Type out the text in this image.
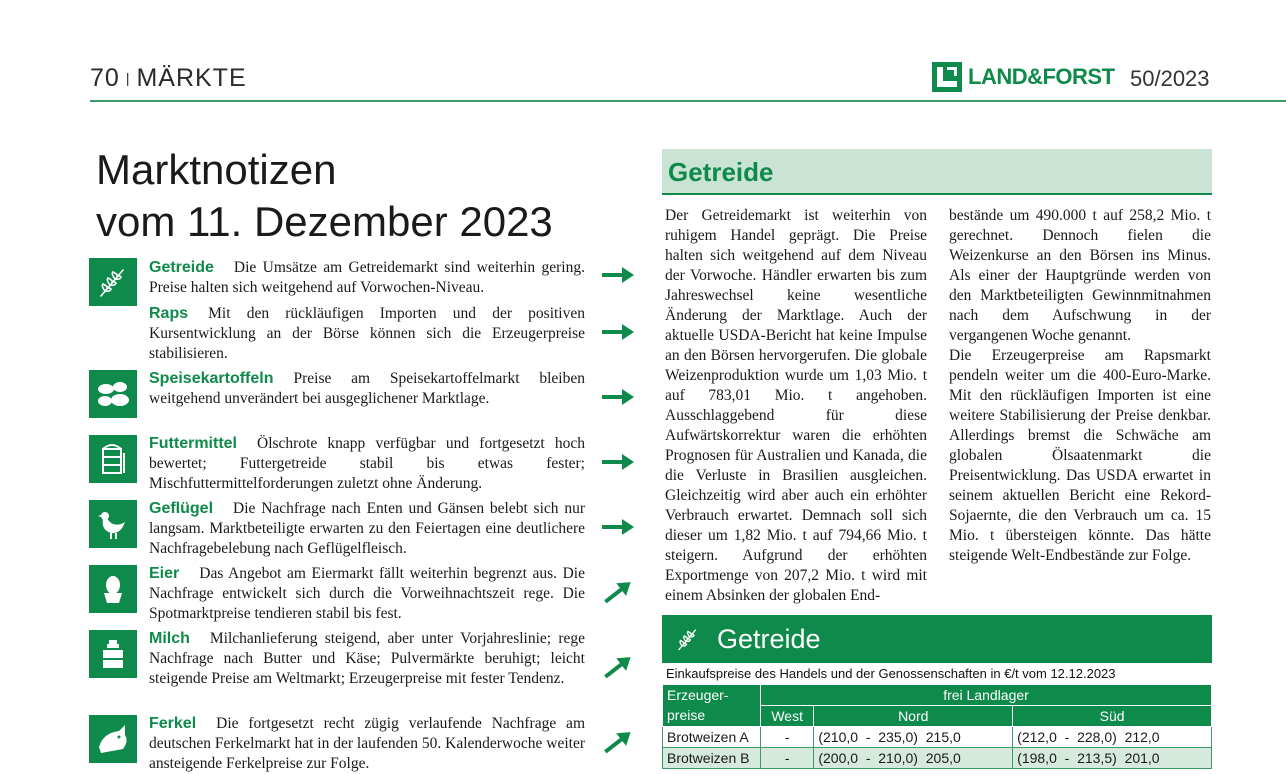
70 | MÄRKTE	LAND&FORST 50/2023
Marktnotizen
vom 11. Dezember 2023
Getreide Die Umsätze am Getreidemarkt sind weiterhin gering. Preise halten sich weitgehend auf Vorwochen-Niveau.
Raps Mit den rückläufigen Importen und der positiven Kursentwicklung an der Börse können sich die Erzeugerpreise stabilisieren.
Speisekartoffeln Preise am Speisekartoffelmarkt bleiben weitgehend unverändert bei ausgeglichener Marktlage.
Futtermittel Ölschrote knapp verfügbar und fortgesetzt hoch bewertet; Futtergetreide stabil bis etwas fester; Mischfuttermittelforderungen zuletzt ohne Änderung.
Geflügel Die Nachfrage nach Enten und Gänsen belebt sich nur langsam. Marktbeteiligte erwarten zu den Feiertagen eine deutlichere Nachfragebelebung nach Geflügelfleisch.
Eier Das Angebot am Eiermarkt fällt weiterhin begrenzt aus. Die Nachfrage entwickelt sich durch die Vorweihnachtszeit rege. Die Spotmarktpreise tendieren stabil bis fest.
Milch Milchanlieferung steigend, aber unter Vorjahreslinie; rege Nachfrage nach Butter und Käse; Pulvermärkte beruhigt; leicht steigende Preise am Weltmarkt; Erzeugerpreise mit fester Tendenz.
Ferkel Die fortgesetzt recht zügig verlaufende Nachfrage am deutschen Ferkelmarkt hat in der laufenden 50. Kalenderwoche weiter ansteigende Ferkelpreise zur Folge.
Getreide

Der Getreidemarkt ist weiterhin von ruhigem Handel geprägt. Die Preise halten sich weitgehend auf dem Niveau der Vorwoche. Händler erwarten bis zum Jahreswechsel keine wesentliche Änderung der Marktlage. Auch der aktuelle USDA-Bericht hat keine Impulse an den Börsen hervorgerufen. Die globale Weizenproduktion wurde um 1,03 Mio. t auf 783,01 Mio. t angehoben. Ausschlaggebend für diese Aufwärtskorrektur waren die erhöhten Prognosen für Australien und Kanada, die die Verluste in Brasilien ausgleichen. Gleichzeitig wird aber auch ein erhöhter Verbrauch erwartet. Demnach soll sich dieser um 1,82 Mio. t auf 794,66 Mio. t steigern. Aufgrund der erhöhten Exportmenge von 207,2 Mio. t wird mit einem Absinken der globalen End-

bestände um 490.000 t auf 258,2 Mio. t gerechnet. Dennoch fielen die Weizenkurse an den Börsen ins Minus. Als einer der Hauptgründe werden von den Marktbeteiligten Gewinnmitnahmen nach dem Aufschwung in der vergangenen Woche genannt.

Die Erzeugerpreise am Rapsmarkt pendeln weiter um die 400-Euro-Marke. Mit den rückläufigen Importen ist eine weitere Stabilisierung der Preise denkbar. Allerdings bremst die Schwäche am globalen Ölsaatenmarkt die Preisentwicklung. Das USDA erwartet in seinem aktuellen Bericht eine Rekord-Sojaernte, die den Verbrauch um ca. 15 Mio. t übersteigen könnte. Das hätte steigende Welt-Endbestände zur Folge.

Getreide
Einkaufspreise des Handels und der Genossenschaften in €/t vom 12.12.2023
Erzeuger-
preise	frei Landlager		
	West	Nord	Süd
Brotweizen A	-	(210,0  -  235,0) 215,0	(212,0  -  228,0) 212,0
Brotweizen B	-	(200,0  -  210,0) 205,0	(198,0  -  213,5) 201,0
